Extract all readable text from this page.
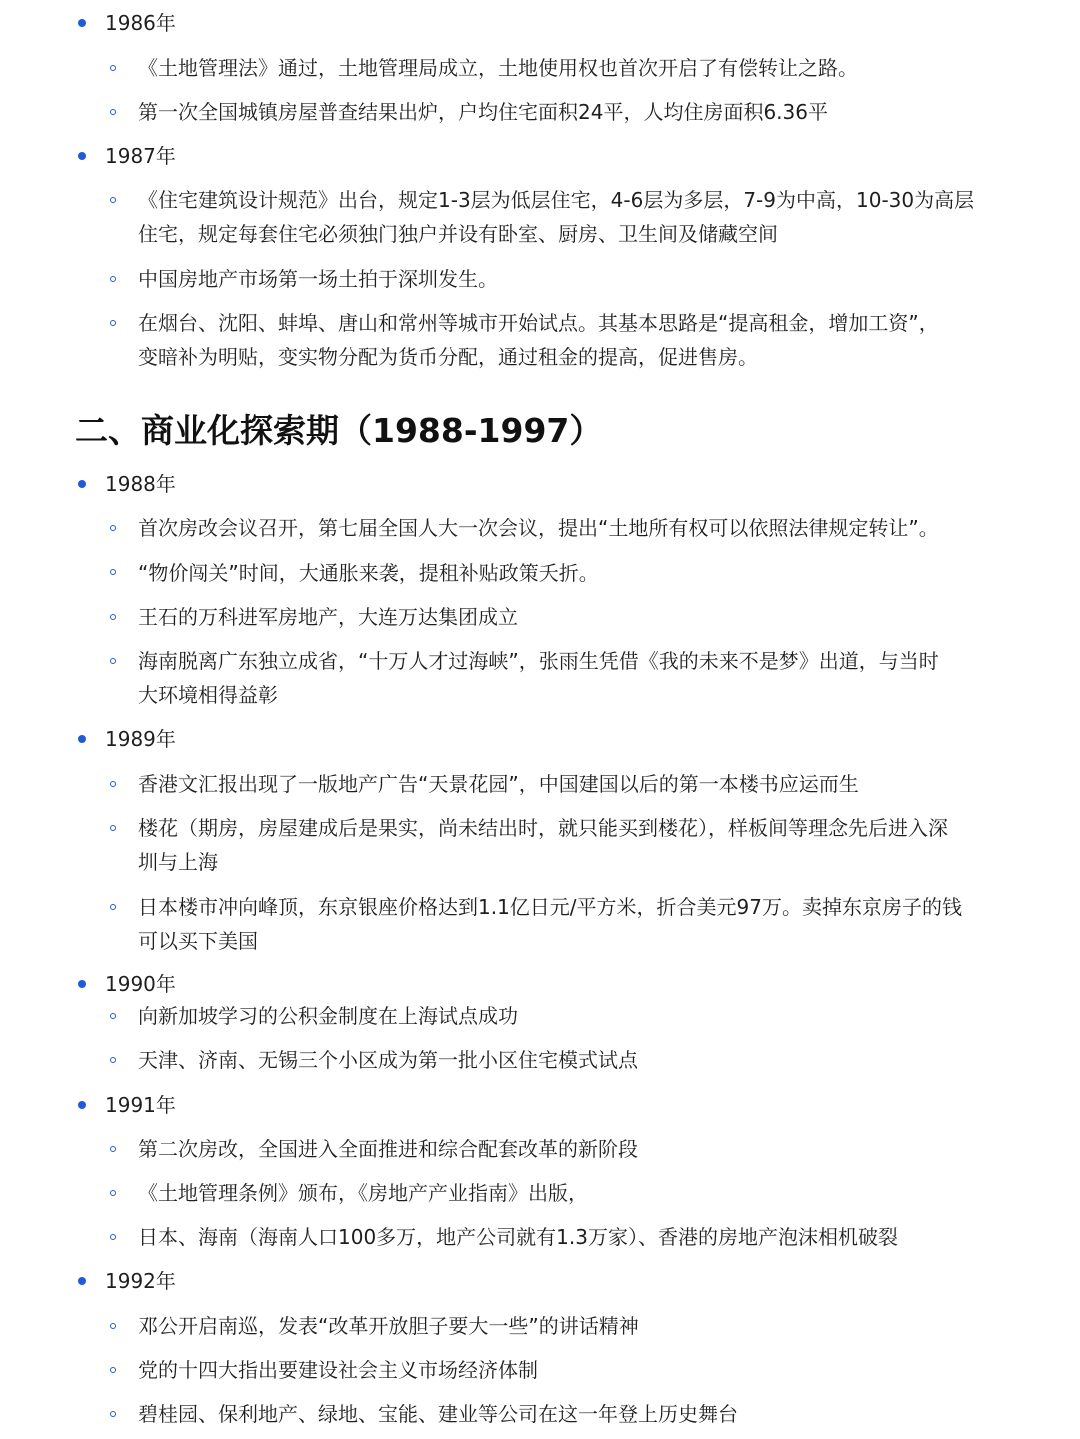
1986年
《土地管理法》通过，土地管理局成立，土地使用权也首次开启了有偿转让之路。
第一次全国城镇房屋普查结果出炉，户均住宅面积24平，人均住房面积6.36平
1987年
《住宅建筑设计规范》出台，规定1-3层为低层住宅，4-6层为多层，7-9为中高，10-30为高层
住宅，规定每套住宅必须独门独户并设有卧室、厨房、卫生间及储藏空间
中国房地产市场第一场土拍于深圳发生。
在烟台、沈阳、蚌埠、唐山和常州等城市开始试点。其基本思路是“提高租金，增加工资”，
变暗补为明贴，变实物分配为货币分配，通过租金的提高，促进售房。
二、商业化探索期（1988-1997）
1988年
首次房改会议召开，第七届全国人大一次会议，提出“土地所有权可以依照法律规定转让”。
“物价闯关”时间，大通胀来袭，提租补贴政策夭折。
王石的万科进军房地产，大连万达集团成立
海南脱离广东独立成省，“十万人才过海峡”，张雨生凭借《我的未来不是梦》出道，与当时
大环境相得益彰
1989年
香港文汇报出现了一版地产广告“天景花园”，中国建国以后的第一本楼书应运而生
楼花（期房，房屋建成后是果实，尚未结出时，就只能买到楼花），样板间等理念先后进入深
圳与上海
日本楼市冲向峰顶，东京银座价格达到1.1亿日元/平方米，折合美元97万。卖掉东京房子的钱
可以买下美国
1990年
向新加坡学习的公积金制度在上海试点成功
天津、济南、无锡三个小区成为第一批小区住宅模式试点
1991年
第二次房改，全国进入全面推进和综合配套改革的新阶段
《土地管理条例》颁布，《房地产产业指南》出版，
日本、海南（海南人口100多万，地产公司就有1.3万家）、香港的房地产泡沫相机破裂
1992年
邓公开启南巡，发表“改革开放胆子要大一些”的讲话精神
党的十四大指出要建设社会主义市场经济体制
碧桂园、保利地产、绿地、宝能、建业等公司在这一年登上历史舞台
